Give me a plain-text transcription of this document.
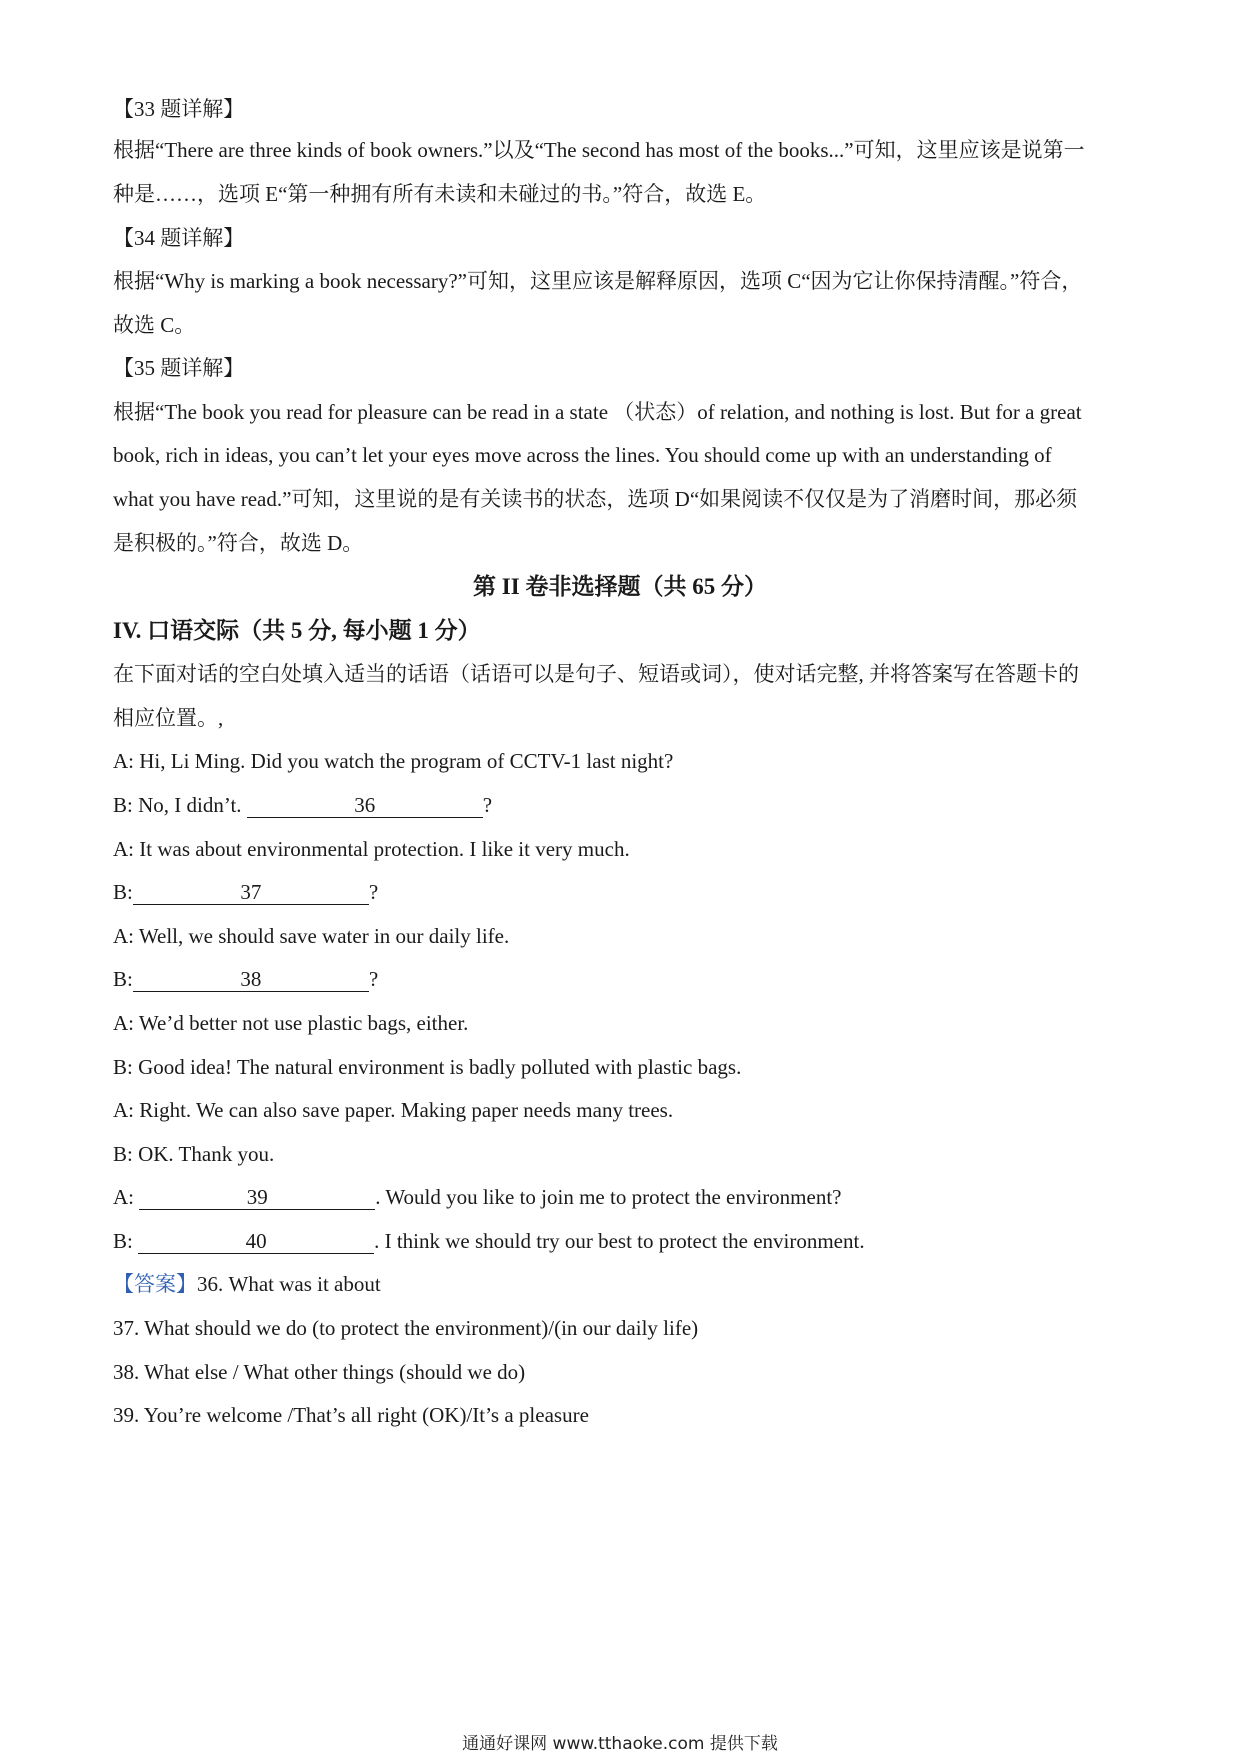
【33 题详解】
根据“There are three kinds of book owners.”以及“The second has most of the books...”可知，这里应该是说第一
种是……，选项 E“第一种拥有所有未读和未碰过的书。”符合，故选 E。
【34 题详解】
根据“Why is marking a book necessary?”可知，这里应该是解释原因，选项 C“因为它让你保持清醒。”符合，
故选 C。
【35 题详解】
根据“The book you read for pleasure can be read in a state （状态）of relation, and nothing is lost. But for a great
book, rich in ideas, you can’t let your eyes move across the lines. You should come up with an understanding of
what you have read.”可知，这里说的是有关读书的状态，选项 D“如果阅读不仅仅是为了消磨时间，那必须
是积极的。”符合，故选 D。
第 II 卷非选择题（共 65 分）
IV. 口语交际（共 5 分, 每小题 1 分）
在下面对话的空白处填入适当的话语（话语可以是句子、短语或词），使对话完整, 并将答案写在答题卡的
相应位置。,
A: Hi, Li Ming. Did you watch the program of CCTV-1 last night?
B: No, I didn’t.	36	?
A: It was about environmental protection. I like it very much.
B:	37	?
A: Well, we should save water in our daily life.
B:	38	?
A: We’d better not use plastic bags, either.
B: Good idea! The natural environment is badly polluted with plastic bags.
A: Right. We can also save paper. Making paper needs many trees.
B: OK. Thank you.
A:	39	. Would you like to join me to protect the environment?
B:	40	. I think we should try our best to protect the environment.
【答案】36. What was it about
37. What should we do (to protect the environment)/(in our daily life)
38. What else / What other things (should we do)
39. You’re welcome /That’s all right (OK)/It’s a pleasure
通通好课网 www.tthaoke.com 提供下载
